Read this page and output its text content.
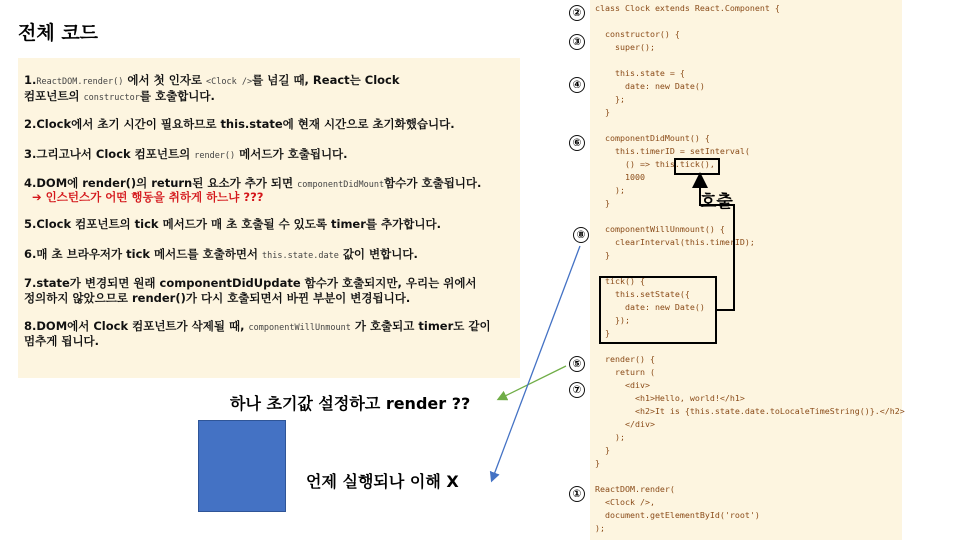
전체 코드
1.ReactDOM.render() 에서 첫 인자로 <Clock />를 넘길 때, React는 Clock
컴포넌트의 constructor를 호출합니다.
2.Clock에서 초기 시간이 필요하므로 this.state에 현재 시간으로 초기화했습니다.
3.그리고나서 Clock 컴포넌트의 render() 메서드가 호출됩니다.
4.DOM에 render()의 return된 요소가 추가 되면 componentDidMount함수가 호출됩니다.
➔ 인스턴스가 어떤 행동을 취하게 하느냐 ???
5.Clock 컴포넌트의 tick 메서드가 매 초 호출될 수 있도록 timer를 추가합니다.
6.매 초 브라우저가 tick 메서드를 호출하면서 this.state.date 값이 변합니다.
7.state가 변경되면 원래 componentDidUpdate 함수가 호출되지만, 우리는 위에서
정의하지 않았으므로 render()가 다시 호출되면서 바뀐 부분이 변경됩니다.
8.DOM에서 Clock 컴포넌트가 삭제될 때, componentWillUnmount 가 호출되고 timer도 같이
멈추게 됩니다.
class Clock extends React.Component {
constructor() {
super();
this.state = {
date: new Date()
};
}
componentDidMount() {
this.timerID = setInterval(
() => this.tick(),
1000
);
}
componentWillUnmount() {
clearInterval(this.timerID);
}
tick() {
this.setState({
date: new Date()
});
}
render() {
return (
<div>
<h1>Hello, world!</h1>
<h2>It is {this.state.date.toLocaleTimeString()}.</h2>
</div>
);
}
}
ReactDOM.render(
<Clock />,
document.getElementById('root')
);
②
③
④
⑥
⑧
⑤
⑦
①
호출
하나 초기값 설정하고 render ??
언제 실행되나 이해 X
